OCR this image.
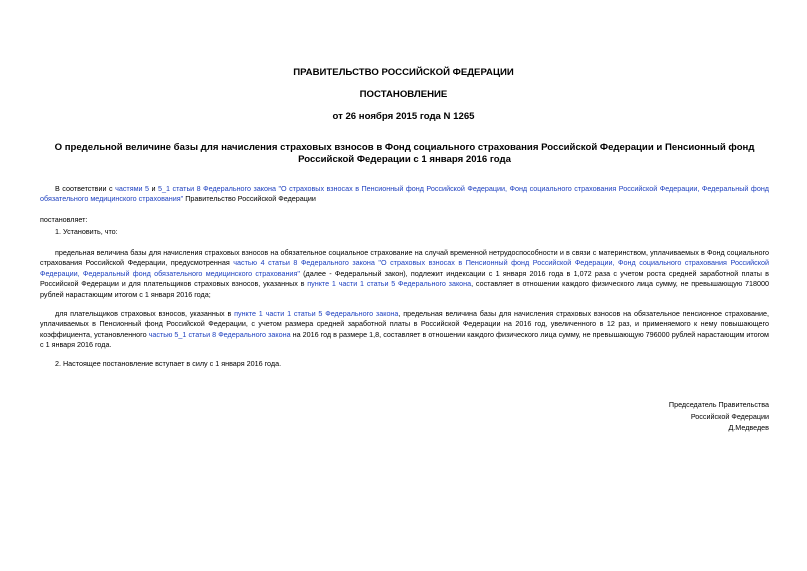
ПРАВИТЕЛЬСТВО РОССИЙСКОЙ ФЕДЕРАЦИИ
ПОСТАНОВЛЕНИЕ
от 26 ноября 2015 года N 1265
О предельной величине базы для начисления страховых взносов в Фонд социального страхования Российской Федерации и Пенсионный фонд Российской Федерации с 1 января 2016 года
В соответствии с частями 5 и 5_1 статьи 8 Федерального закона "О страховых взносах в Пенсионный фонд Российской Федерации, Фонд социального страхования Российской Федерации, Федеральный фонд обязательного медицинского страхования" Правительство Российской Федерации
постановляет:
1. Установить, что:
предельная величина базы для начисления страховых взносов на обязательное социальное страхование на случай временной нетрудоспособности и в связи с материнством, уплачиваемых в Фонд социального страхования Российской Федерации, предусмотренная частью 4 статьи 8 Федерального закона "О страховых взносах в Пенсионный фонд Российской Федерации, Фонд социального страхования Российской Федерации, Федеральный фонд обязательного медицинского страхования" (далее - Федеральный закон), подлежит индексации с 1 января 2016 года в 1,072 раза с учетом роста средней заработной платы в Российской Федерации и для плательщиков страховых взносов, указанных в пункте 1 части 1 статьи 5 Федерального закона, составляет в отношении каждого физического лица сумму, не превышающую 718000 рублей нарастающим итогом с 1 января 2016 года;
для плательщиков страховых взносов, указанных в пункте 1 части 1 статьи 5 Федерального закона, предельная величина базы для начисления страховых взносов на обязательное пенсионное страхование, уплачиваемых в Пенсионный фонд Российской Федерации, с учетом размера средней заработной платы в Российской Федерации на 2016 год, увеличенного в 12 раз, и применяемого к нему повышающего коэффициента, установленного частью 5_1 статьи 8 Федерального закона на 2016 год в размере 1,8, составляет в отношении каждого физического лица сумму, не превышающую 796000 рублей нарастающим итогом с 1 января 2016 года.
2. Настоящее постановление вступает в силу с 1 января 2016 года.
Председатель Правительства
Российской Федерации
Д.Медведев
